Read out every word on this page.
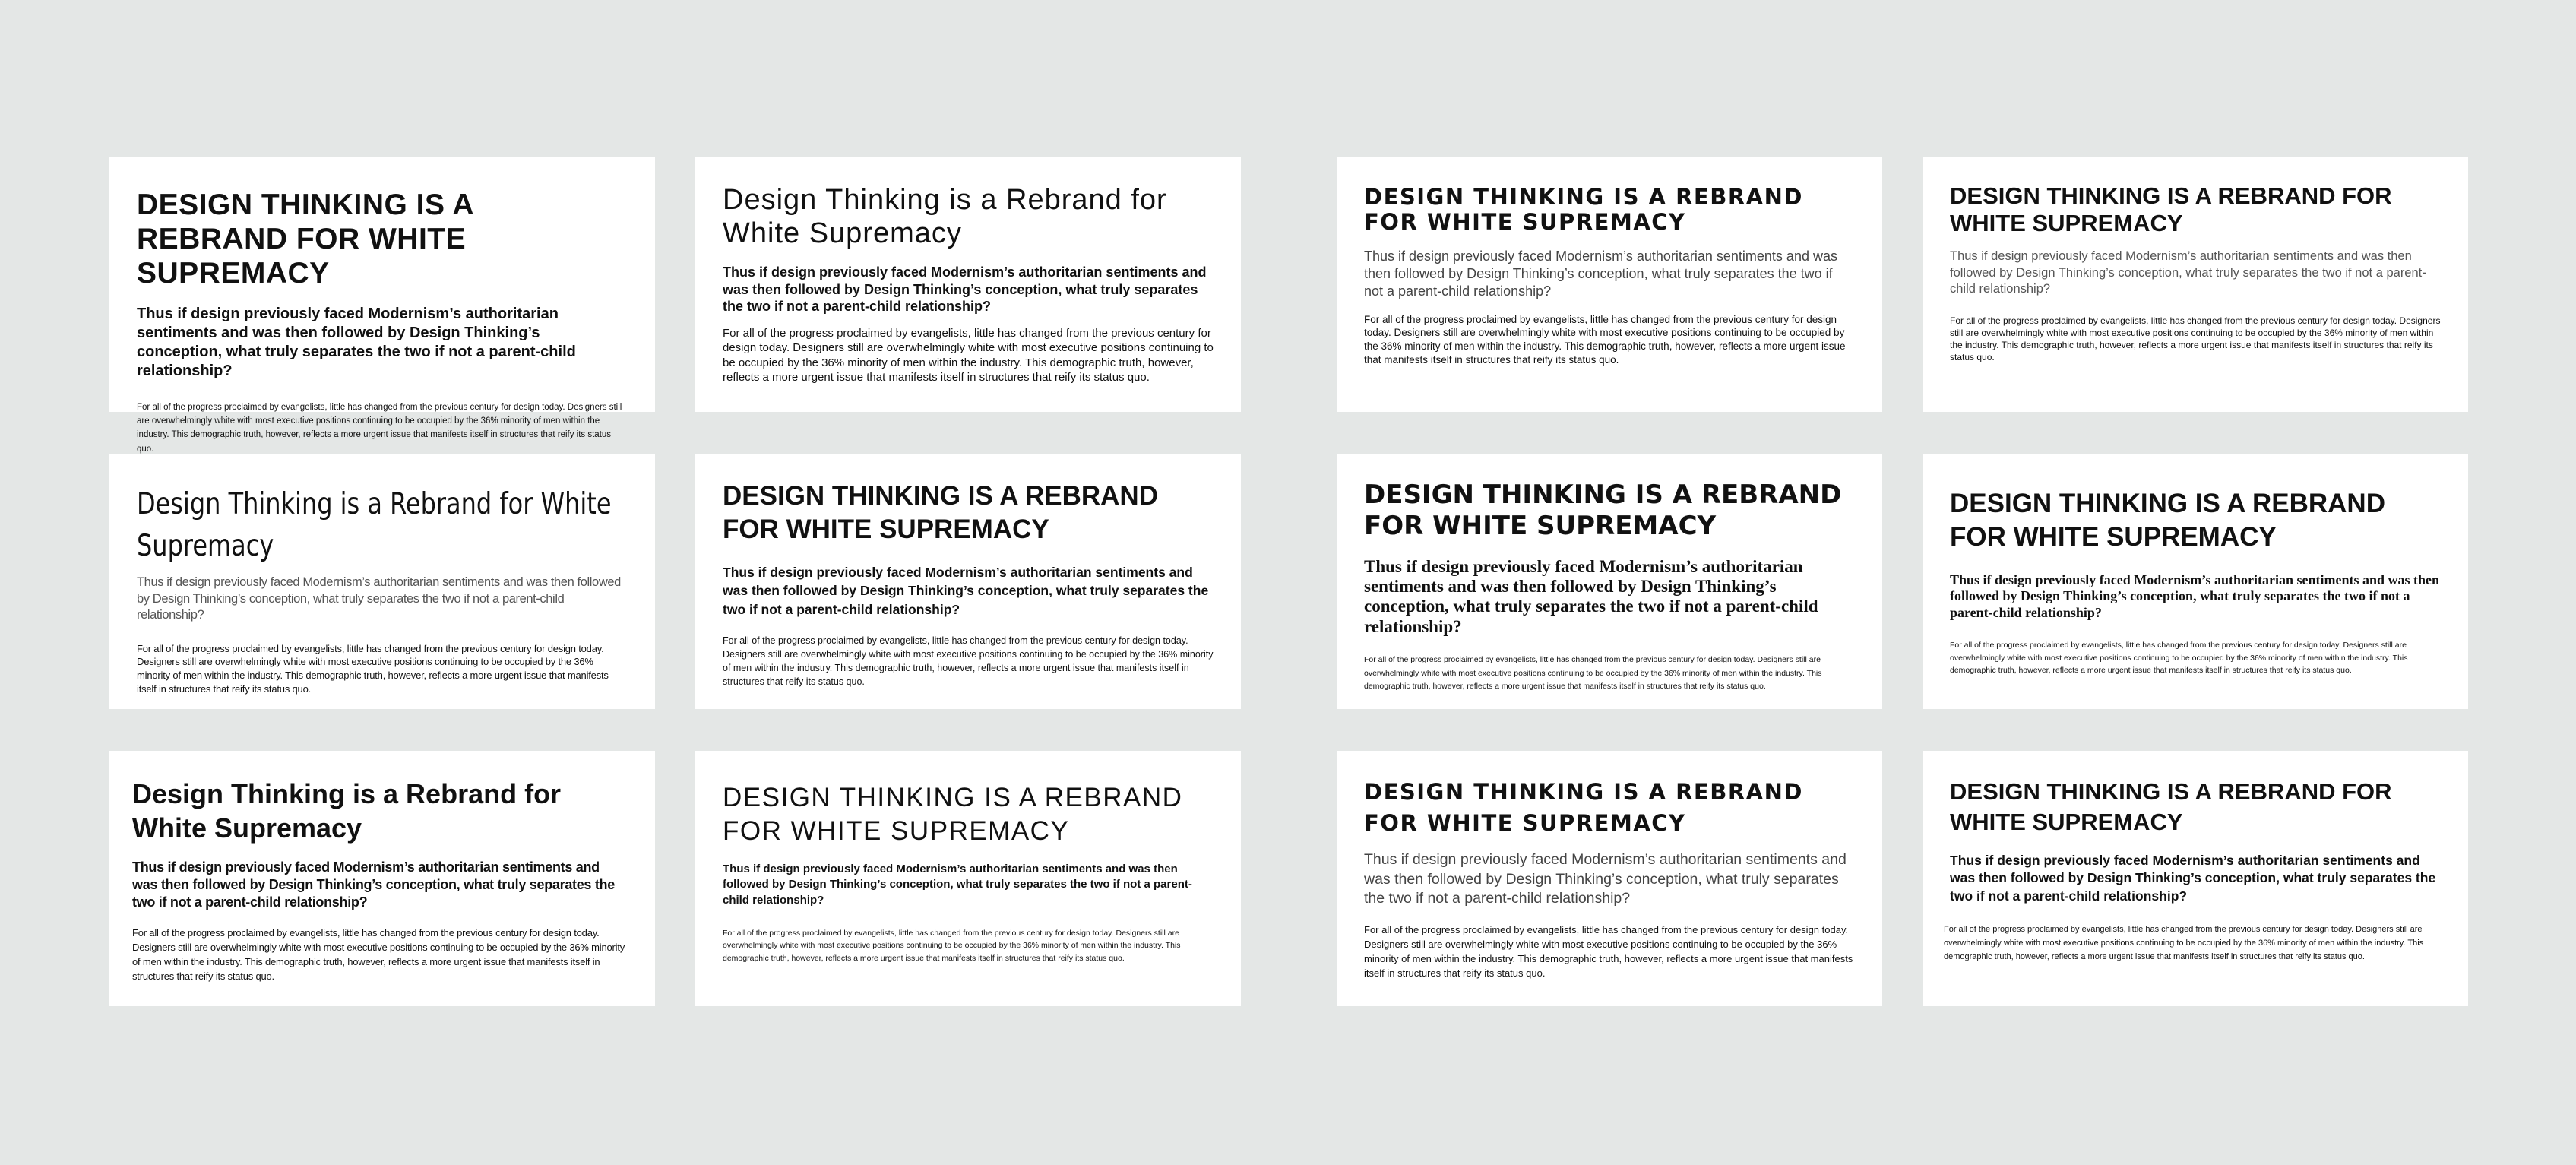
DESIGN THINKING IS A REBRAND FOR WHITE SUPREMACY
Thus if design previously faced Modernism’s authoritarian sentiments and was then followed by Design Thinking’s conception, what truly separates the two if not a parent-child relationship?
For all of the progress proclaimed by evangelists, little has changed from the previous century for design today. Designers still are overwhelmingly white with most executive positions continuing to be occupied by the 36% minority of men within the industry. This demographic truth, however, reflects a more urgent issue that manifests itself in structures that reify its status quo.
Design Thinking is a Rebrand for White Supremacy
Thus if design previously faced Modernism’s authoritarian sentiments and was then followed by Design Thinking’s conception, what truly separates the two if not a parent-child relationship?
For all of the progress proclaimed by evangelists, little has changed from the previous century for design today. Designers still are overwhelmingly white with most executive positions continuing to be occupied by the 36% minority of men within the industry. This demographic truth, however, reflects a more urgent issue that manifests itself in structures that reify its status quo.
DESIGN THINKING IS A REBRAND FOR WHITE SUPREMACY
Thus if design previously faced Modernism’s authoritarian sentiments and was then followed by Design Thinking’s conception, what truly separates the two if not a parent-child relationship?
For all of the progress proclaimed by evangelists, little has changed from the previous century for design today. Designers still are overwhelmingly white with most executive positions continuing to be occupied by the 36% minority of men within the industry. This demographic truth, however, reflects a more urgent issue that manifests itself in structures that reify its status quo.
DESIGN THINKING IS A REBRAND FOR WHITE SUPREMACY
Thus if design previously faced Modernism’s authoritarian sentiments and was then followed by Design Thinking’s conception, what truly separates the two if not a parent-child relationship?
For all of the progress proclaimed by evangelists, little has changed from the previous century for design today. Designers still are overwhelmingly white with most executive positions continuing to be occupied by the 36% minority of men within the industry. This demographic truth, however, reflects a more urgent issue that manifests itself in structures that reify its status quo.
Design Thinking is a Rebrand for White Supremacy
Thus if design previously faced Modernism’s authoritarian sentiments and was then followed by Design Thinking’s conception, what truly separates the two if not a parent-child relationship?
For all of the progress proclaimed by evangelists, little has changed from the previous century for design today. Designers still are overwhelmingly white with most executive positions continuing to be occupied by the 36% minority of men within the industry. This demographic truth, however, reflects a more urgent issue that manifests itself in structures that reify its status quo.
DESIGN THINKING IS A REBRAND FOR WHITE SUPREMACY
Thus if design previously faced Modernism’s authoritarian sentiments and was then followed by Design Thinking’s conception, what truly separates the two if not a parent-child relationship?
For all of the progress proclaimed by evangelists, little has changed from the previous century for design today. Designers still are overwhelmingly white with most executive positions continuing to be occupied by the 36% minority of men within the industry. This demographic truth, however, reflects a more urgent issue that manifests itself in structures that reify its status quo.
DESIGN THINKING IS A REBRAND FOR WHITE SUPREMACY
Thus if design previously faced Modernism’s authoritarian sentiments and was then followed by Design Thinking’s conception, what truly separates the two if not a parent-child relationship?
For all of the progress proclaimed by evangelists, little has changed from the previous century for design today. Designers still are overwhelmingly white with most executive positions continuing to be occupied by the 36% minority of men within the industry. This demographic truth, however, reflects a more urgent issue that manifests itself in structures that reify its status quo.
DESIGN THINKING IS A REBRAND FOR WHITE SUPREMACY
Thus if design previously faced Modernism’s authoritarian sentiments and was then followed by Design Thinking’s conception, what truly separates the two if not a parent-child relationship?
For all of the progress proclaimed by evangelists, little has changed from the previous century for design today. Designers still are overwhelmingly white with most executive positions continuing to be occupied by the 36% minority of men within the industry. This demographic truth, however, reflects a more urgent issue that manifests itself in structures that reify its status quo.
Design Thinking is a Rebrand for White Supremacy
Thus if design previously faced Modernism’s authoritarian sentiments and was then followed by Design Thinking’s conception, what truly separates the two if not a parent-child relationship?
For all of the progress proclaimed by evangelists, little has changed from the previous century for design today. Designers still are overwhelmingly white with most executive positions continuing to be occupied by the 36% minority of men within the industry. This demographic truth, however, reflects a more urgent issue that manifests itself in structures that reify its status quo.
DESIGN THINKING IS A REBRAND FOR WHITE SUPREMACY
Thus if design previously faced Modernism’s authoritarian sentiments and was then followed by Design Thinking’s conception, what truly separates the two if not a parent-child relationship?
For all of the progress proclaimed by evangelists, little has changed from the previous century for design today. Designers still are overwhelmingly white with most executive positions continuing to be occupied by the 36% minority of men within the industry. This demographic truth, however, reflects a more urgent issue that manifests itself in structures that reify its status quo.
DESIGN THINKING IS A REBRAND FOR WHITE SUPREMACY
Thus if design previously faced Modernism’s authoritarian sentiments and was then followed by Design Thinking’s conception, what truly separates the two if not a parent-child relationship?
For all of the progress proclaimed by evangelists, little has changed from the previous century for design today. Designers still are overwhelmingly white with most executive positions continuing to be occupied by the 36% minority of men within the industry. This demographic truth, however, reflects a more urgent issue that manifests itself in structures that reify its status quo.
DESIGN THINKING IS A REBRAND FOR WHITE SUPREMACY
Thus if design previously faced Modernism’s authoritarian sentiments and was then followed by Design Thinking’s conception, what truly separates the two if not a parent-child relationship?
For all of the progress proclaimed by evangelists, little has changed from the previous century for design today. Designers still are overwhelmingly white with most executive positions continuing to be occupied by the 36% minority of men within the industry. This demographic truth, however, reflects a more urgent issue that manifests itself in structures that reify its status quo.
